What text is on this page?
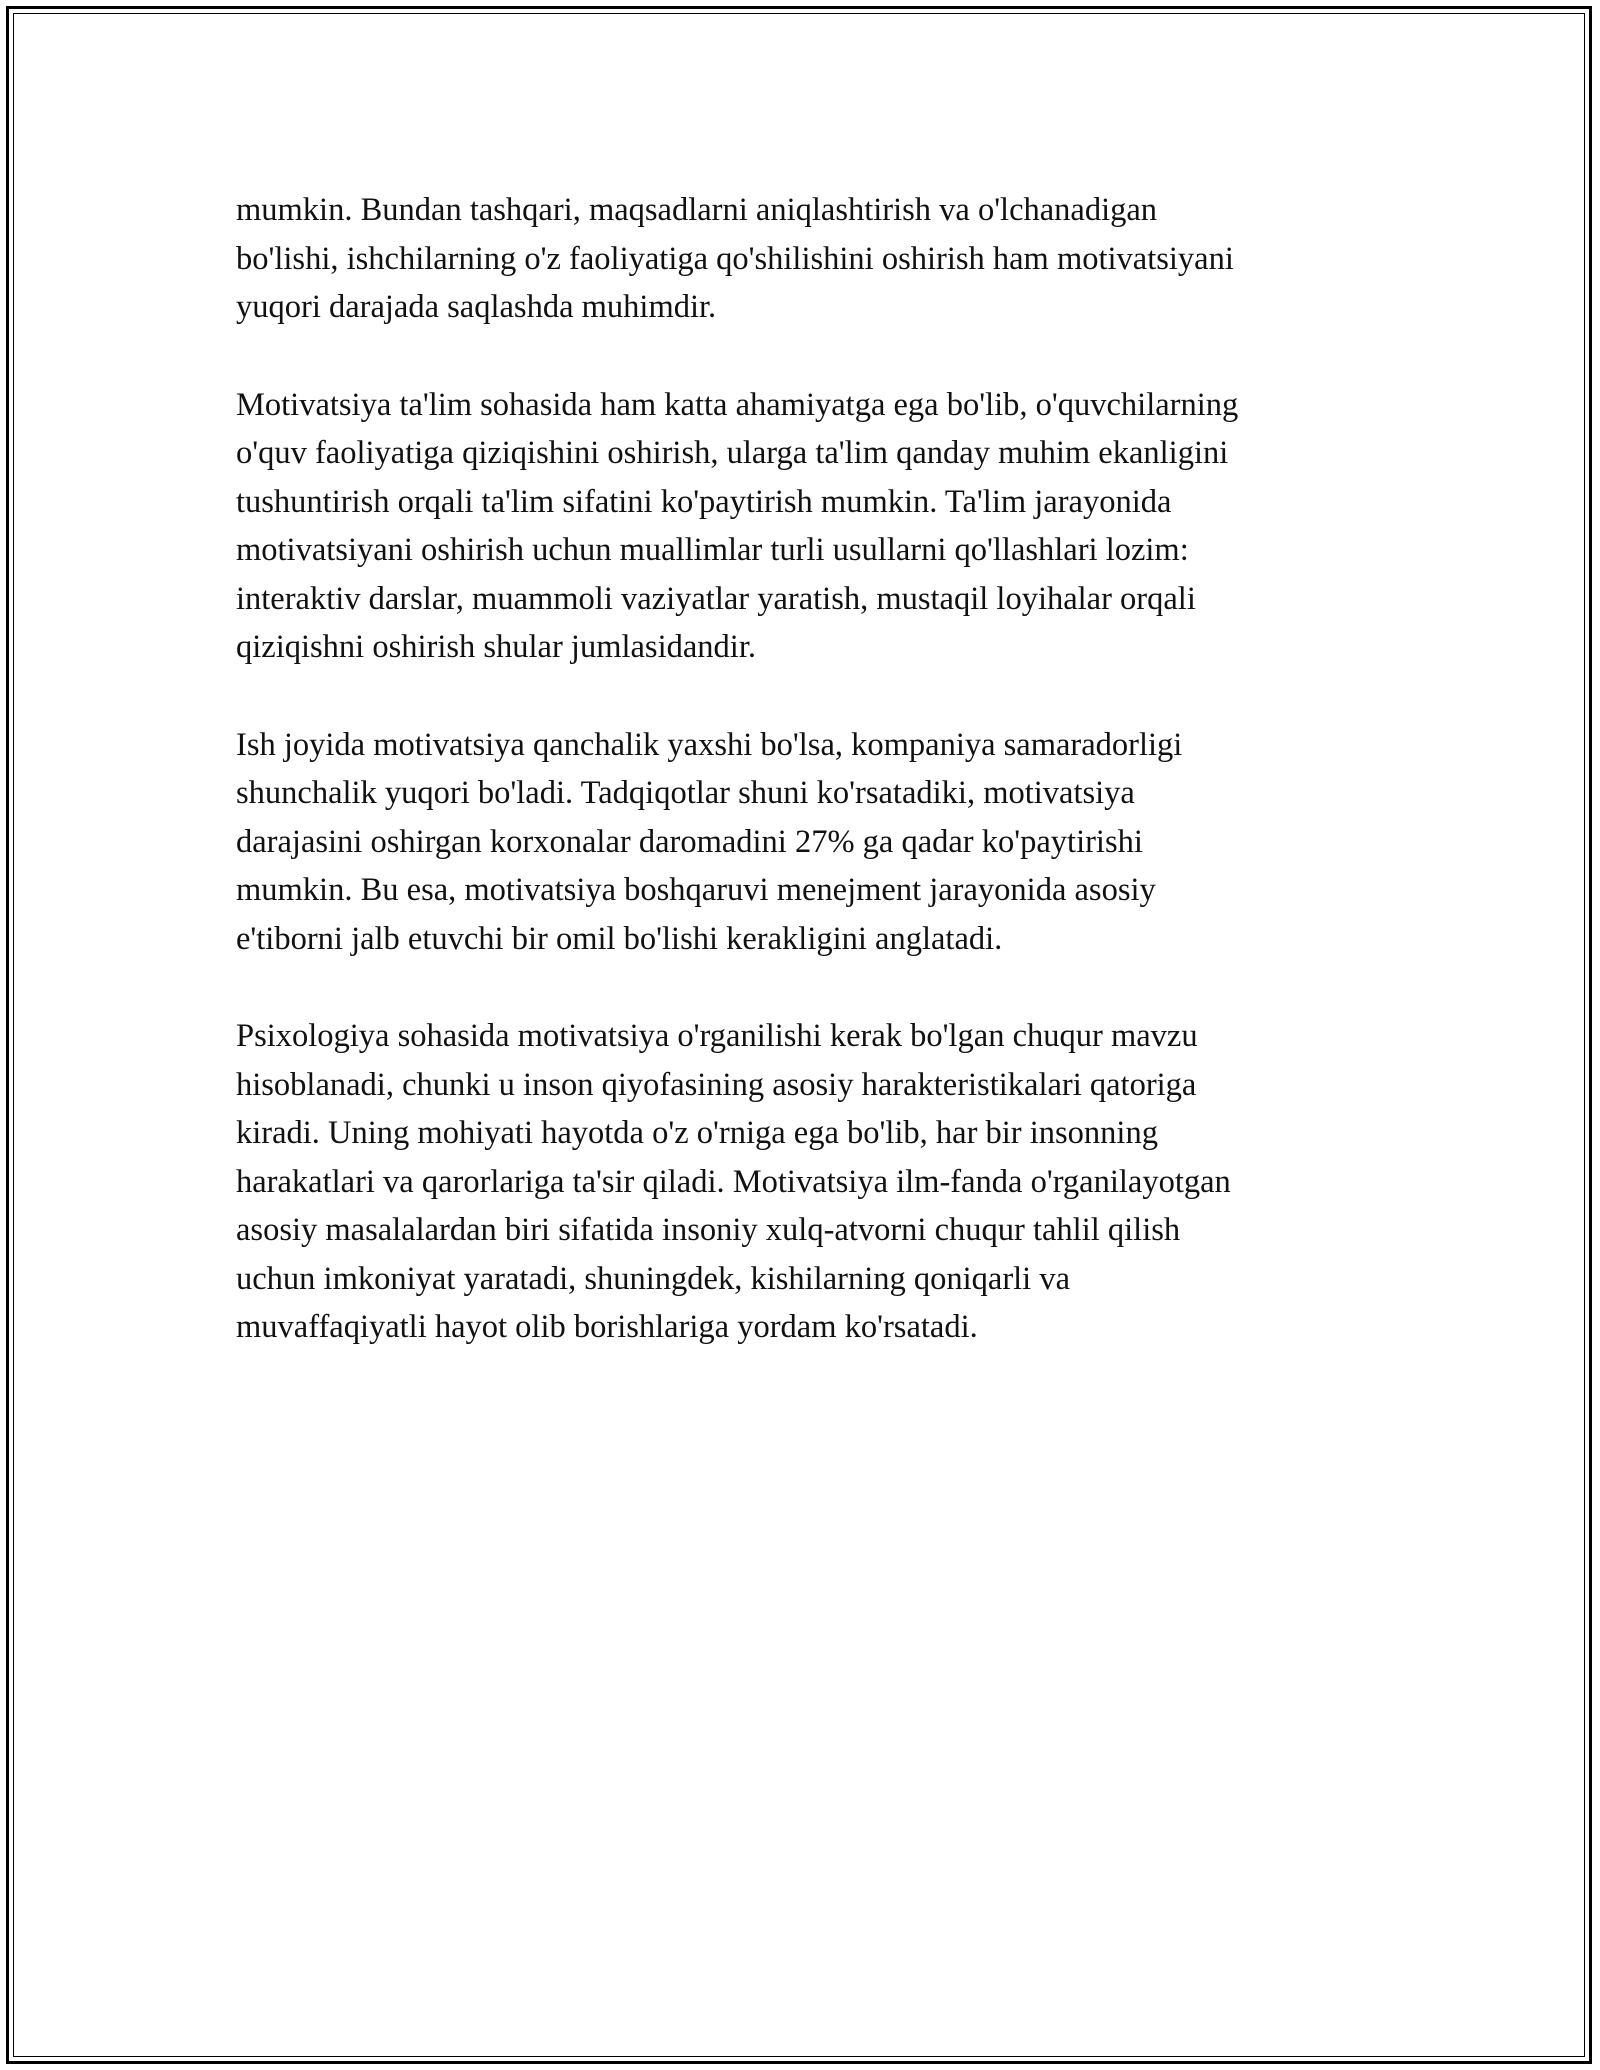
mumkin. Bundan tashqari, maqsadlarni aniqlashtirish va o'lchanadigan
bo'lishi, ishchilarning o'z faoliyatiga qo'shilishini oshirish ham motivatsiyani
yuqori darajada saqlashda muhimdir.

Motivatsiya ta'lim sohasida ham katta ahamiyatga ega bo'lib, o'quvchilarning
o'quv faoliyatiga qiziqishini oshirish, ularga ta'lim qanday muhim ekanligini
tushuntirish orqali ta'lim sifatini ko'paytirish mumkin. Ta'lim jarayonida
motivatsiyani oshirish uchun muallimlar turli usullarni qo'llashlari lozim:
interaktiv darslar, muammoli vaziyatlar yaratish, mustaqil loyihalar orqali
qiziqishni oshirish shular jumlasidandir.

Ish joyida motivatsiya qanchalik yaxshi bo'lsa, kompaniya samaradorligi
shunchalik yuqori bo'ladi. Tadqiqotlar shuni ko'rsatadiki, motivatsiya
darajasini oshirgan korxonalar daromadini 27% ga qadar ko'paytirishi
mumkin. Bu esa, motivatsiya boshqaruvi menejment jarayonida asosiy
e'tiborni jalb etuvchi bir omil bo'lishi kerakligini anglatadi.

Psixologiya sohasida motivatsiya o'rganilishi kerak bo'lgan chuqur mavzu
hisoblanadi, chunki u inson qiyofasining asosiy harakteristikalari qatoriga
kiradi. Uning mohiyati hayotda o'z o'rniga ega bo'lib, har bir insonning
harakatlari va qarorlariga ta'sir qiladi. Motivatsiya ilm-fanda o'rganilayotgan
asosiy masalalardan biri sifatida insoniy xulq-atvorni chuqur tahlil qilish
uchun imkoniyat yaratadi, shuningdek, kishilarning qoniqarli va
muvaffaqiyatli hayot olib borishlariga yordam ko'rsatadi.
